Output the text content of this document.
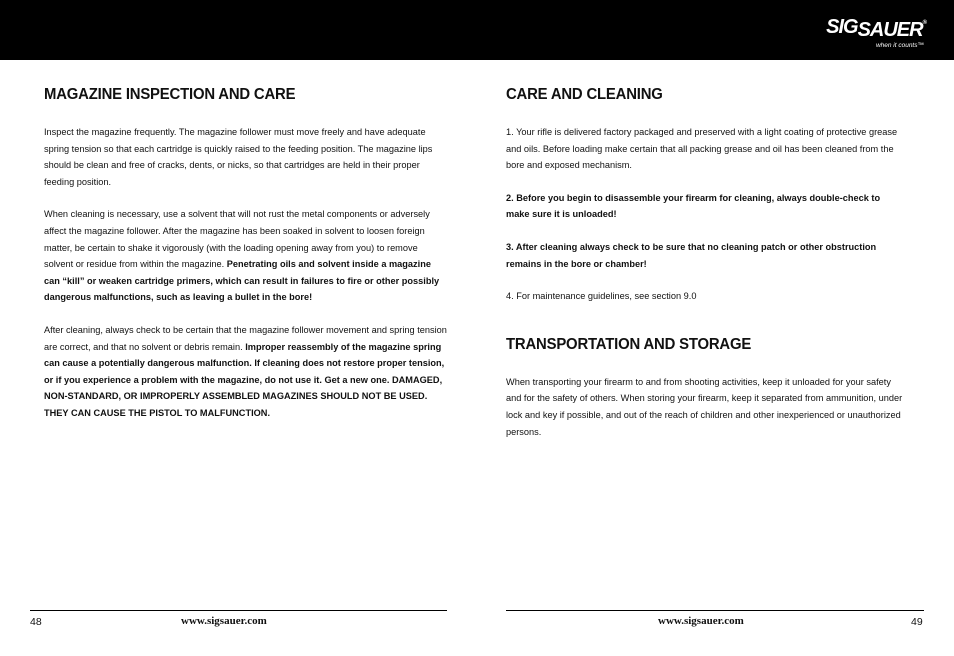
SIGSAUER®
when it counts™
MAGAZINE INSPECTION AND CARE

Inspect the magazine frequently. The magazine follower must move freely and have adequate spring tension so that each cartridge is quickly raised to the feeding position. The magazine lips should be clean and free of cracks, dents, or nicks, so that cartridges are held in their proper feeding position.

When cleaning is necessary, use a solvent that will not rust the metal components or adversely affect the magazine follower. After the magazine has been soaked in solvent to loosen foreign matter, be certain to shake it vigorously (with the loading opening away from you) to remove solvent or residue from within the magazine. Penetrating oils and solvent inside a magazine can “kill” or weaken cartridge primers, which can result in failures to fire or other possibly dangerous malfunctions, such as leaving a bullet in the bore!

After cleaning, always check to be certain that the magazine follower movement and spring tension are correct, and that no solvent or debris remain. Improper reassembly of the magazine spring can cause a potentially dangerous malfunction. If cleaning does not restore proper tension, or if you experience a problem with the magazine, do not use it. Get a new one. DAMAGED, NON-STANDARD, OR IMPROPERLY ASSEMBLED MAGAZINES SHOULD NOT BE USED. THEY CAN CAUSE THE PISTOL TO MALFUNCTION.

CARE AND CLEANING

1. Your rifle is delivered factory packaged and preserved with a light coating of protective grease and oils. Before loading make certain that all packing grease and oil has been cleaned from the bore and exposed mechanism.

2. Before you begin to disassemble your firearm for cleaning, always double-check to make sure it is unloaded!

3. After cleaning always check to be sure that no cleaning patch or other obstruction remains in the bore or chamber!

4. For maintenance guidelines, see section 9.0

TRANSPORTATION AND STORAGE

When transporting your firearm to and from shooting activities, keep it unloaded for your safety and for the safety of others. When storing your firearm, keep it separated from ammunition, under lock and key if possible, and out of the reach of children and other inexperienced or unauthorized persons.

48	www.sigsauer.com	www.sigsauer.com	49
